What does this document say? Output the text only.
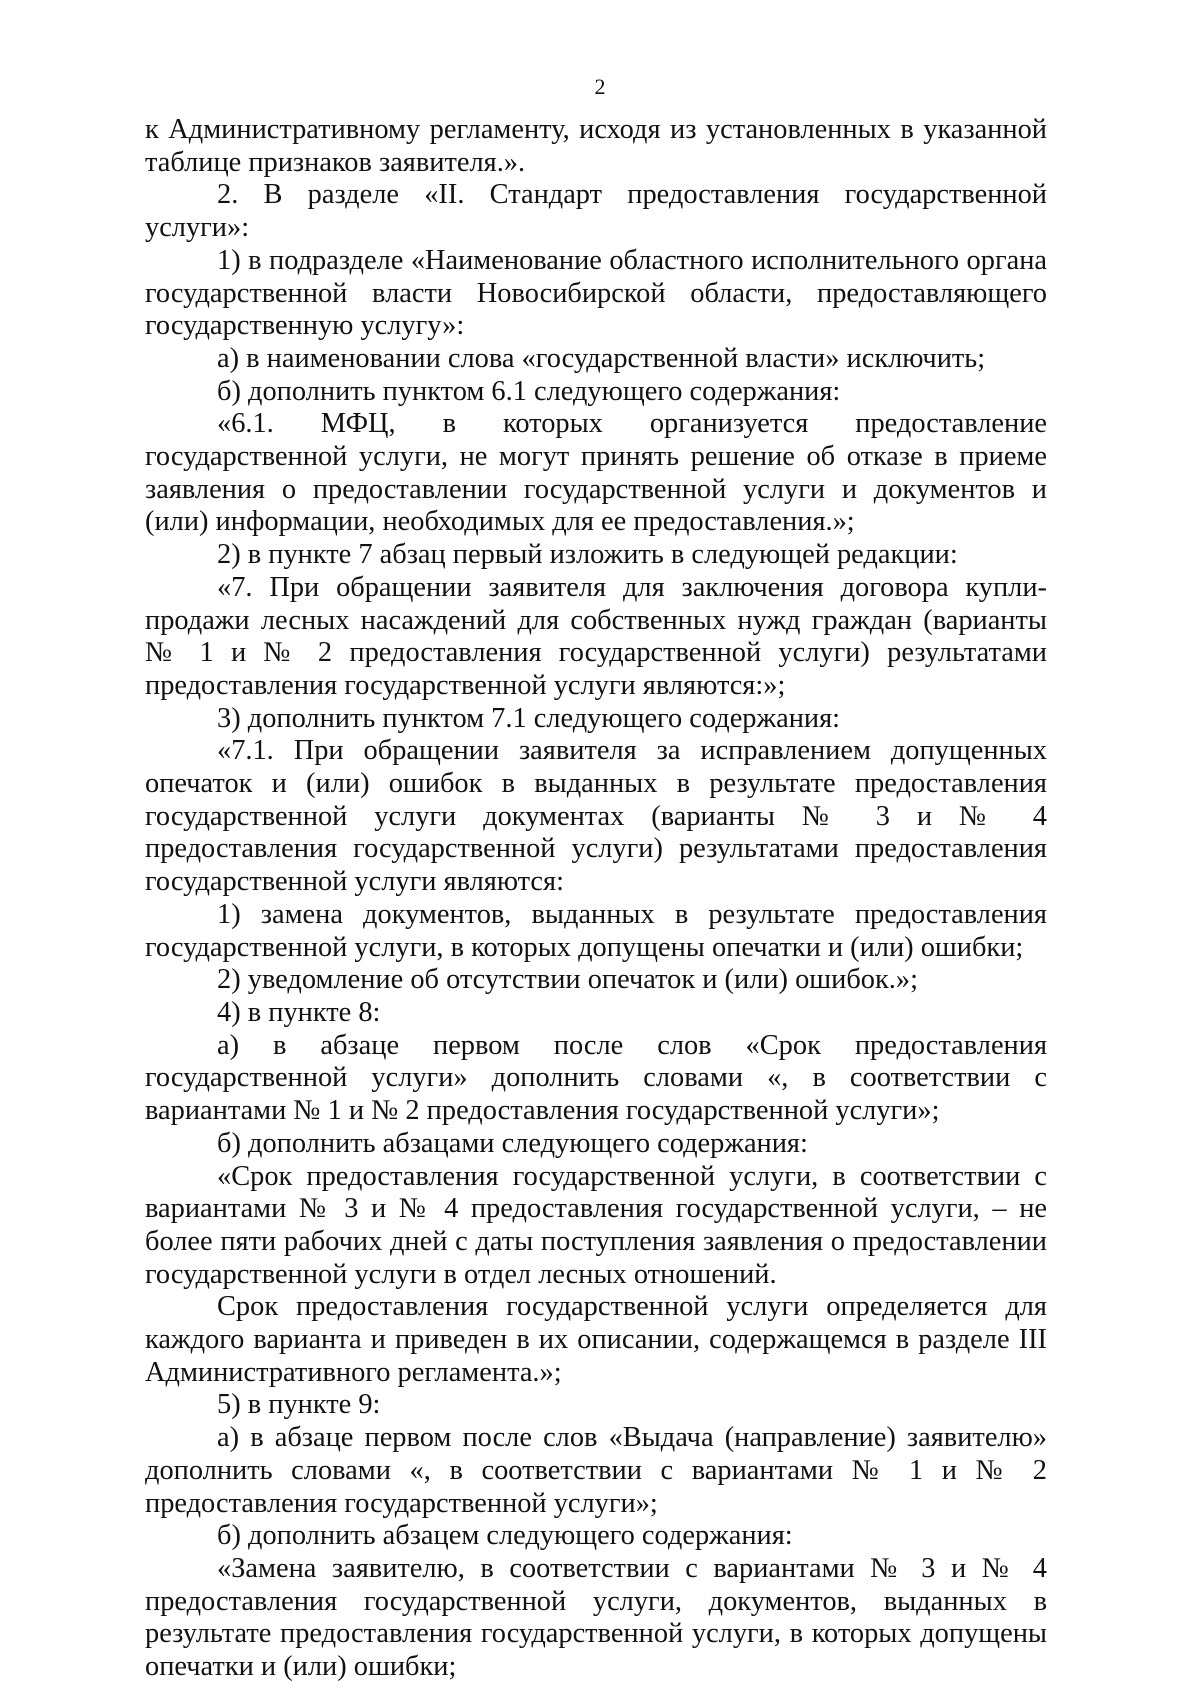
2

к Административному регламенту, исходя из установленных в указанной таблице признаков заявителя.».

2. В разделе «II. Стандарт предоставления государственной услуги»:

1) в подразделе «Наименование областного исполнительного органа государственной власти Новосибирской области, предоставляющего государственную услугу»:

а) в наименовании слова «государственной власти» исключить;

б) дополнить пунктом 6.1 следующего содержания:

«6.1. МФЦ, в которых организуется предоставление государственной услуги, не могут принять решение об отказе в приеме заявления о предоставлении государственной услуги и документов и (или) информации, необходимых для ее предоставления.»;

2) в пункте 7 абзац первый изложить в следующей редакции:

«7. При обращении заявителя для заключения договора купли-продажи лесных насаждений для собственных нужд граждан (варианты № 1 и № 2 предоставления государственной услуги) результатами предоставления государственной услуги являются:»;

3) дополнить пунктом 7.1 следующего содержания:

«7.1. При обращении заявителя за исправлением допущенных опечаток и (или) ошибок в выданных в результате предоставления государственной услуги документах (варианты № 3 и № 4 предоставления государственной услуги) результатами предоставления государственной услуги являются:

1) замена документов, выданных в результате предоставления государственной услуги, в которых допущены опечатки и (или) ошибки;

2) уведомление об отсутствии опечаток и (или) ошибок.»;

4) в пункте 8:

а) в абзаце первом после слов «Срок предоставления государственной услуги» дополнить словами «, в соответствии с вариантами № 1 и № 2 предоставления государственной услуги»;

б) дополнить абзацами следующего содержания:

«Срок предоставления государственной услуги, в соответствии с вариантами № 3 и № 4 предоставления государственной услуги, – не более пяти рабочих дней с даты поступления заявления о предоставлении государственной услуги в отдел лесных отношений.

Срок предоставления государственной услуги определяется для каждого варианта и приведен в их описании, содержащемся в разделе III Административного регламента.»;

5) в пункте 9:

а) в абзаце первом после слов «Выдача (направление) заявителю» дополнить словами «, в соответствии с вариантами № 1 и № 2 предоставления государственной услуги»;

б) дополнить абзацем следующего содержания:

«Замена заявителю, в соответствии с вариантами № 3 и № 4 предоставления государственной услуги, документов, выданных в результате предоставления государственной услуги, в которых допущены опечатки и (или) ошибки;
